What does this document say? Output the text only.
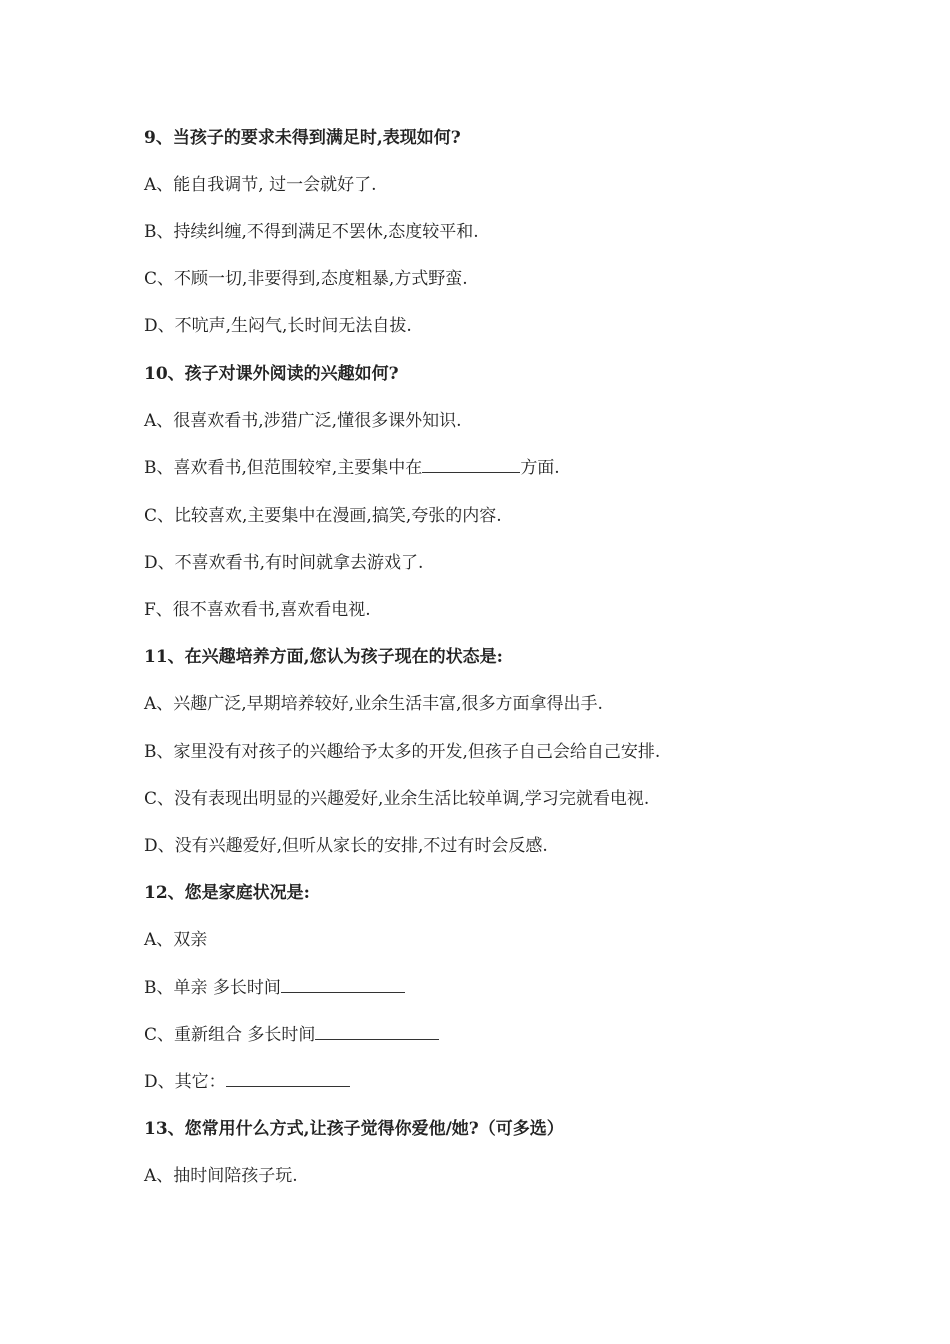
9、当孩子的要求未得到满足时,表现如何?
A、能自我调节, 过一会就好了.
B、持续纠缠,不得到满足不罢休,态度较平和.
C、不顾一切,非要得到,态度粗暴,方式野蛮.
D、不吭声,生闷气,长时间无法自拔.
10、孩子对课外阅读的兴趣如何?
A、很喜欢看书,涉猎广泛,懂很多课外知识.
B、喜欢看书,但范围较窄,主要集中在	方面.
C、比较喜欢,主要集中在漫画,搞笑,夸张的内容.
D、不喜欢看书,有时间就拿去游戏了.
F、很不喜欢看书,喜欢看电视.
11、在兴趣培养方面,您认为孩子现在的状态是:
A、兴趣广泛,早期培养较好,业余生活丰富,很多方面拿得出手.
B、家里没有对孩子的兴趣给予太多的开发,但孩子自己会给自己安排.
C、没有表现出明显的兴趣爱好,业余生活比较单调,学习完就看电视.
D、没有兴趣爱好,但听从家长的安排,不过有时会反感.
12、您是家庭状况是:
A、双亲
B、单亲 多长时间
C、重新组合 多长时间
D、其它：
13、您常用什么方式,让孩子觉得你爱他/她?（可多选）
A、抽时间陪孩子玩.
